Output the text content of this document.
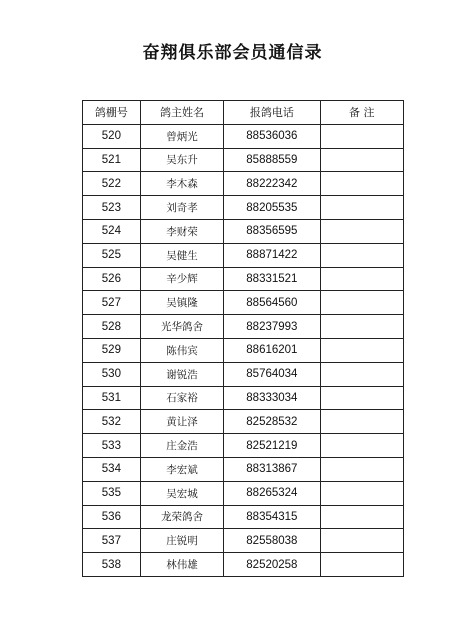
奋翔俱乐部会员通信录
鸽棚号	鸽主姓名	报鸽电话	备 注
520	曾炳光	88536036	
521	吴东升	85888559	
522	李木森	88222342	
523	刘奇孝	88205535	
524	李财荣	88356595	
525	吴健生	88871422	
526	辛少辉	88331521	
527	吴镇隆	88564560	
528	光华鸽舍	88237993	
529	陈伟宾	88616201	
530	谢锐浩	85764034	
531	石家裕	88333034	
532	黄让泽	82528532	
533	庄金浩	82521219	
534	李宏斌	88313867	
535	吴宏城	88265324	
536	龙荣鸽舍	88354315	
537	庄锐明	82558038	
538	林伟雄	82520258	
